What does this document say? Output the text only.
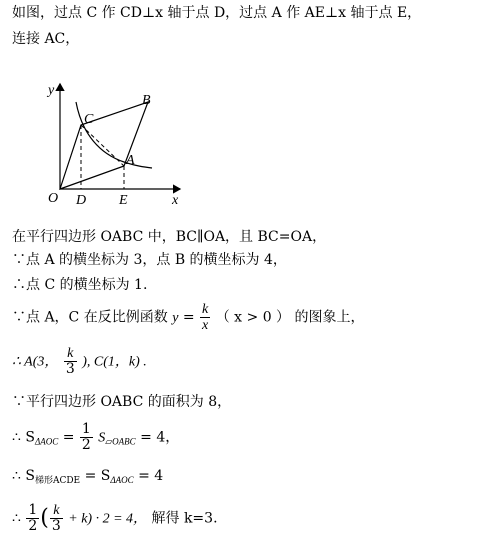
如图，过点 C 作 CD⊥x 轴于点 D，过点 A 作 AE⊥x 轴于点 E，
连接 AC，
y
x
O
C
B
A
D E
在平行四边形 OABC 中，BC∥OA，且 BC=OA，
∵点 A 的横坐标为 3，点 B 的横坐标为 4，
∴点 C 的横坐标为 1.
∵点 A，C 在反比例函数 $y = \frac{k}{x}$ （ x > 0 ） 的图象上，
∴ A(3， $\frac{k}{3}$ ), C(1，k) .
∵平行四边形 OABC 的面积为 8，
∴ $S_{\Delta AOC} = \frac{1}{2} S_{▱OABC} = 4$，
∴ $S_{梯形ACDE} = S_{\Delta AOC} = 4$
∴ $\frac{1}{2}$ ( $\frac{k}{3} + k) \cdot 2 = 4$， 解得 k=3.
